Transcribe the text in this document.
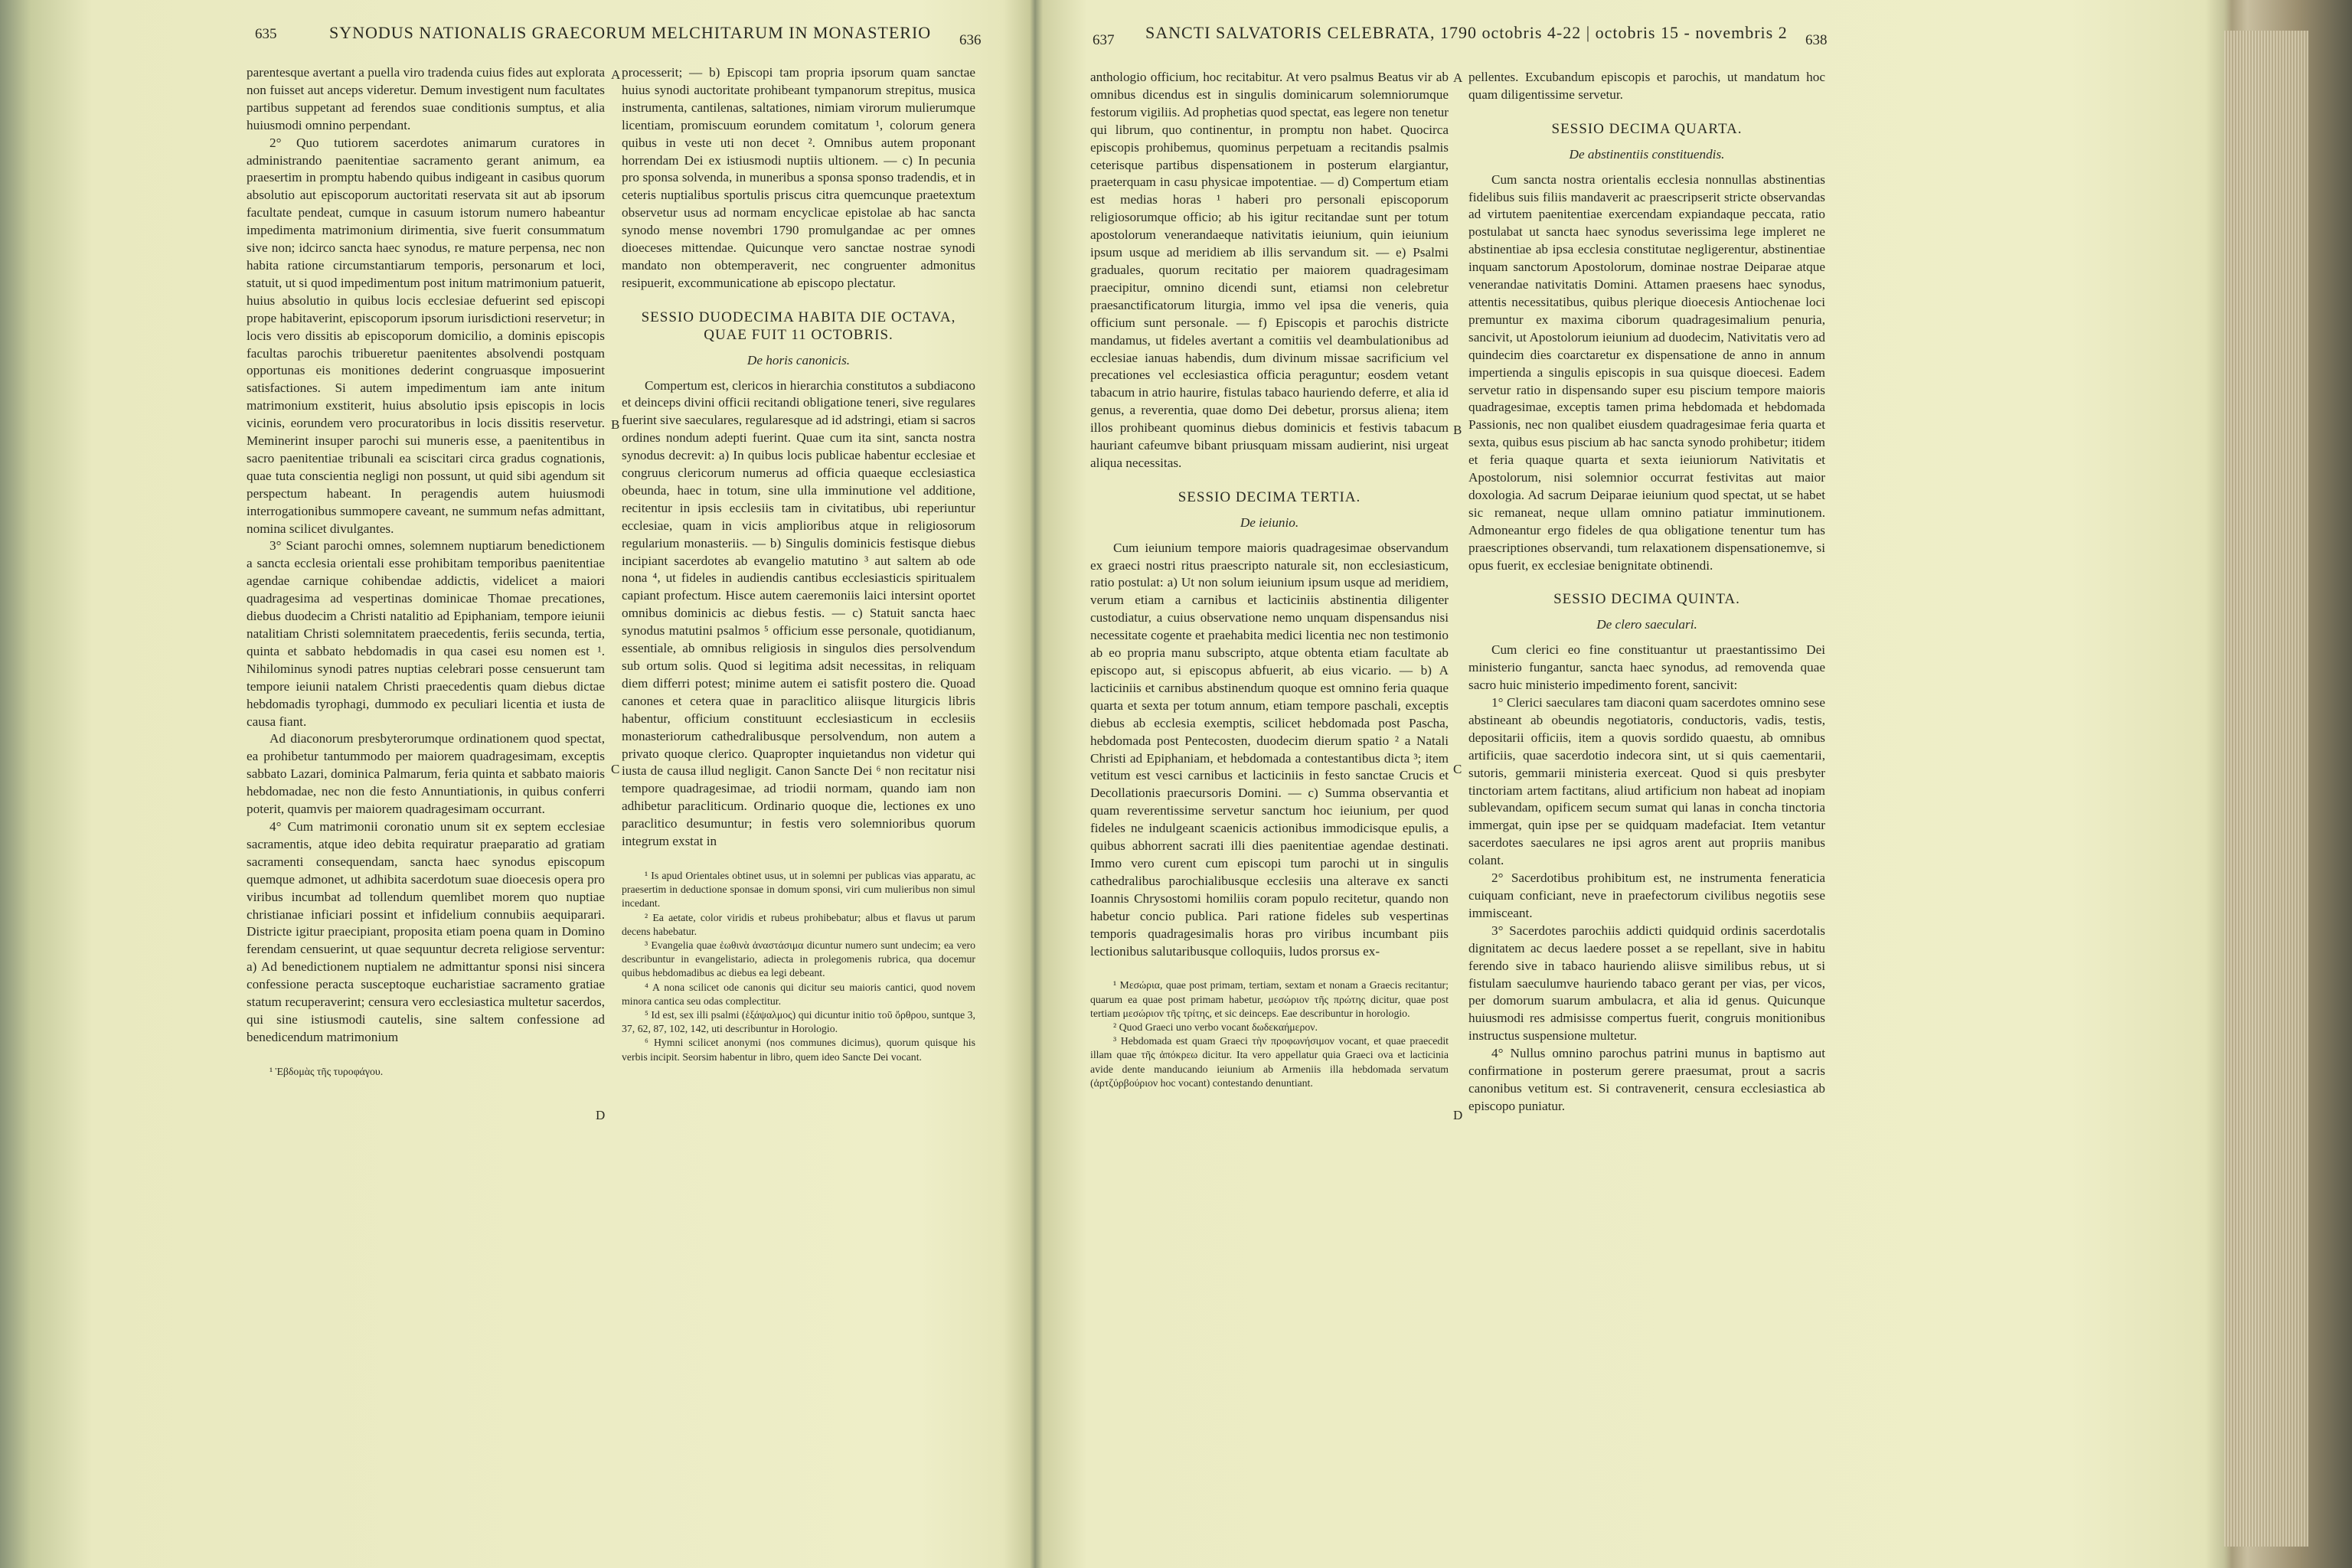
635	SYNODUS NATIONALIS GRAECORUM MELCHITARUM IN MONASTERIO 636

parentesque avertant a puella viro tradenda cuius fides aut explorata non fuisset aut anceps videretur. Demum investigent num facultates partibus suppetant ad ferendos suae conditionis sumptus, et alia huiusmodi omnino perpendant.

2° Quo tutiorem sacerdotes animarum curatores in administrando paenitentiae sacramento gerant animum, ea praesertim in promptu habendo quibus indigeant in casibus quorum absolutio aut episcoporum auctoritati reservata sit aut ab ipsorum facultate pendeat, cumque in casuum istorum numero habeantur impedimenta matrimonium dirimentia, sive fuerit consummatum sive non; idcirco sancta haec synodus, re mature perpensa, nec non habita ratione circumstantiarum temporis, personarum et loci, statuit, ut si quod impedimentum post initum matrimonium patuerit, huius absolutio in quibus locis ecclesiae defuerint sed episcopi prope habitaverint, episcoporum ipsorum iurisdictioni reservetur; in locis vero dissitis ab episcoporum domicilio, a dominis episcopis facultas parochis tribueretur paenitentes absolvendi postquam opportunas eis monitiones dederint congruasque imposuerint satisfactiones. Si autem impedimentum iam ante initum matrimonium exstiterit, huius absolutio ipsis episcopis in locis vicinis, eorundem vero procuratoribus in locis dissitis reservetur. Meminerint insuper parochi sui muneris esse, a paenitentibus in sacro paenitentiae tribunali ea sciscitari circa gradus cognationis, quae tuta conscientia negligi non possunt, ut quid sibi agendum sit perspectum habeant. In peragendis autem huiusmodi interrogationibus summopere caveant, ne summum nefas admittant, nomina scilicet divulgantes.

3° Sciant parochi omnes, solemnem nuptiarum benedictionem a sancta ecclesia orientali esse prohibitam temporibus paenitentiae agendae carnique cohibendae addictis, videlicet a maiori quadragesima ad vespertinas dominicae Thomae precationes, diebus duodecim a Christi natalitio ad Epiphaniam, tempore ieiunii natalitiam Christi solemnitatem praecedentis, feriis secunda, tertia, quinta et sabbato hebdomadis in qua casei esu nomen est ¹. Nihilominus synodi patres nuptias celebrari posse censuerunt tam tempore ieiunii natalem Christi praecedentis quam diebus dictae hebdomadis tyrophagi, dummodo ex peculiari licentia et iusta de causa fiant.

Ad diaconorum presbyterorumque ordinationem quod spectat, ea prohibetur tantummodo per maiorem quadragesimam, exceptis sabbato Lazari, dominica Palmarum, feria quinta et sabbato maioris hebdomadae, nec non die festo Annuntiationis, in quibus conferri poterit, quamvis per maiorem quadragesimam occurrant.

4° Cum matrimonii coronatio unum sit ex septem ecclesiae sacramentis, atque ideo debita requiratur praeparatio ad gratiam sacramenti consequendam, sancta haec synodus episcopum quemque admonet, ut adhibita sacerdotum suae dioecesis opera pro viribus incumbat ad tollendum quemlibet morem quo nuptiae christianae inficiari possint et infidelium connubiis aequiparari. Districte igitur praecipiant, proposita etiam poena quam in Domino ferendam censuerint, ut quae sequuntur decreta religiose serventur: a) Ad benedictionem nuptialem ne admittantur sponsi nisi sincera confessione peracta susceptoque eucharistiae sacramento gratiae statum recuperaverint; censura vero ecclesiastica multetur sacerdos, qui sine istiusmodi cautelis, sine saltem confessione ad benedicendum matrimonium

¹ Ἑβδομὰς τῆς τυροφάγου.

A
B
C
D

processerit; — b) Episcopi tam propria ipsorum quam sanctae huius synodi auctoritate prohibeant tympanorum strepitus, musica instrumenta, cantilenas, saltationes, nimiam virorum mulierumque licentiam, promiscuum eorundem comitatum ¹, colorum genera quibus in veste uti non decet ². Omnibus autem proponant horrendam Dei ex istiusmodi nuptiis ultionem. — c) In pecunia pro sponsa solvenda, in muneribus a sponsa sponso tradendis, et in ceteris nuptialibus sportulis priscus citra quemcunque praetextum observetur usus ad normam encyclicae epistolae ab hac sancta synodo mense novembri 1790 promulgandae ac per omnes dioeceses mittendae. Quicunque vero sanctae nostrae synodi mandato non obtemperaverit, nec congruenter admonitus resipuerit, excommunicatione ab episcopo plectatur.

SESSIO DUODECIMA HABITA DIE OCTAVA, QUAE FUIT 11 OCTOBRIS.
De horis canonicis.

Compertum est, clericos in hierarchia constitutos a subdiacono et deinceps divini officii recitandi obligatione teneri, sive regulares fuerint sive saeculares, regularesque ad id adstringi, etiam si sacros ordines nondum adepti fuerint. Quae cum ita sint, sancta nostra synodus decrevit: a) In quibus locis publicae habentur ecclesiae et congruus clericorum numerus ad officia quaeque ecclesiastica obeunda, haec in totum, sine ulla imminutione vel additione, recitentur in ipsis ecclesiis tam in civitatibus, ubi reperiuntur ecclesiae, quam in vicis amplioribus atque in religiosorum regularium monasteriis. — b) Singulis dominicis festisque diebus incipiant sacerdotes ab evangelio matutino ³ aut saltem ab ode nona ⁴, ut fideles in audiendis cantibus ecclesiasticis spiritualem capiant profectum. Hisce autem caeremoniis laici intersint oportet omnibus dominicis ac diebus festis. — c) Statuit sancta haec synodus matutini psalmos ⁵ officium esse personale, quotidianum, essentiale, ab omnibus religiosis in singulos dies persolvendum sub ortum solis. Quod si legitima adsit necessitas, in reliquam diem differri potest; minime autem ei satisfit postero die. Quoad canones et cetera quae in paraclitico aliisque liturgicis libris habentur, officium constituunt ecclesiasticum in ecclesiis monasteriorum cathedralibusque persolvendum, non autem a privato quoque clerico. Quapropter inquietandus non videtur qui iusta de causa illud negligit. Canon Sancte Dei ⁶ non recitatur nisi tempore quadragesimae, ad triodii normam, quando iam non adhibetur paracliticum. Ordinario quoque die, lectiones ex uno paraclitico desumuntur; in festis vero solemnioribus quorum integrum exstat in

¹ Is apud Orientales obtinet usus, ut in solemni per publicas vias apparatu, ac praesertim in deductione sponsae in domum sponsi, viri cum mulieribus non simul incedant.

² Ea aetate, color viridis et rubeus prohibebatur; albus et flavus ut parum decens habebatur.

³ Evangelia quae ἑωθινὰ ἀναστάσιμα dicuntur numero sunt undecim; ea vero describuntur in evangelistario, adiecta in prolegomenis rubrica, qua docemur quibus hebdomadibus ac diebus ea legi debeant.

⁴ A nona scilicet ode canonis qui dicitur seu maioris cantici, quod novem minora cantica seu odas complectitur.

⁵ Id est, sex illi psalmi (ἑξάψαλμος) qui dicuntur initio τοῦ ὄρθρου, suntque 3, 37, 62, 87, 102, 142, uti describuntur in Horologio.

⁶ Hymni scilicet anonymi (nos communes dicimus), quorum quisque his verbis incipit. Seorsim habentur in libro, quem ideo Sancte Dei vocant.

637 SANCTI SALVATORIS CELEBRATA, 1790 octobris 4-22 | octobris 15 - novembris 2 638

anthologio officium, hoc recitabitur. At vero psalmus Beatus vir ab omnibus dicendus est in singulis dominicarum solemniorumque festorum vigiliis. Ad prophetias quod spectat, eas legere non tenetur qui librum, quo continentur, in promptu non habet. Quocirca episcopis prohibemus, quominus perpetuam a recitandis psalmis ceterisque partibus dispensationem in posterum elargiantur, praeterquam in casu physicae impotentiae. — d) Compertum etiam est medias horas ¹ haberi pro personali episcoporum religiosorumque officio; ab his igitur recitandae sunt per totum apostolorum venerandaeque nativitatis ieiunium, quin ieiunium ipsum usque ad meridiem ab illis servandum sit. — e) Psalmi graduales, quorum recitatio per maiorem quadragesimam praecipitur, omnino dicendi sunt, etiamsi non celebretur praesanctificatorum liturgia, immo vel ipsa die veneris, quia officium sunt personale. — f) Episcopis et parochis districte mandamus, ut fideles avertant a comitiis vel deambulationibus ad ecclesiae ianuas habendis, dum divinum missae sacrificium vel precationes vel ecclesiastica officia peraguntur; eosdem vetant tabacum in atrio haurire, fistulas tabaco hauriendo deferre, et alia id genus, a reverentia, quae domo Dei debetur, prorsus aliena; item illos prohibeant quominus diebus dominicis et festivis tabacum hauriant cafeumve bibant priusquam missam audierint, nisi urgeat aliqua necessitas.

SESSIO DECIMA TERTIA.
De ieiunio.

Cum ieiunium tempore maioris quadragesimae observandum ex graeci nostri ritus praescripto naturale sit, non ecclesiasticum, ratio postulat: a) Ut non solum ieiunium ipsum usque ad meridiem, verum etiam a carnibus et lacticiniis abstinentia diligenter custodiatur, a cuius observatione nemo unquam dispensandus nisi necessitate cogente et praehabita medici licentia nec non testimonio ab eo propria manu subscripto, atque obtenta etiam facultate ab episcopo aut, si episcopus abfuerit, ab eius vicario. — b) A lacticiniis et carnibus abstinendum quoque est omnino feria quaque quarta et sexta per totum annum, etiam tempore paschali, exceptis diebus ab ecclesia exemptis, scilicet hebdomada post Pascha, hebdomada post Pentecosten, duodecim dierum spatio ² a Natali Christi ad Epiphaniam, et hebdomada a contestantibus dicta ³; item vetitum est vesci carnibus et lacticiniis in festo sanctae Crucis et Decollationis praecursoris Domini. — c) Summa observantia et quam reverentissime servetur sanctum hoc ieiunium, per quod fideles ne indulgeant scaenicis actionibus immodicisque epulis, a quibus abhorrent sacrati illi dies paenitentiae agendae destinati. Immo vero curent cum episcopi tum parochi ut in singulis cathedralibus parochialibusque ecclesiis una alterave ex sancti Ioannis Chrysostomi homiliis coram populo recitetur, quando non habetur concio publica. Pari ratione fideles sub vespertinas temporis quadragesimalis horas pro viribus incumbant piis lectionibus salutaribusque colloquiis, ludos prorsus ex-

¹ Μεσώρια, quae post primam, tertiam, sextam et nonam a Graecis recitantur; quarum ea quae post primam habetur, μεσώριον τῆς πρώτης dicitur, quae post tertiam μεσώριον τῆς τρίτης, et sic deinceps. Eae describuntur in horologio.

² Quod Graeci uno verbo vocant δωδεκαήμερον.

³ Hebdomada est quam Graeci τὴν προφωνήσιμον vocant, et quae praecedit illam quae τῆς ἀπόκρεω dicitur. Ita vero appellatur quia Graeci ova et lacticinia avide dente manducando ieiunium ab Armeniis illa hebdomada servatum (ἀρτζύρβούριον hoc vocant) contestando denuntiant.

A
B
C
D

pellentes. Excubandum episcopis et parochis, ut mandatum hoc quam diligentissime servetur.

SESSIO DECIMA QUARTA.
De abstinentiis constituendis.

Cum sancta nostra orientalis ecclesia nonnullas abstinentias fidelibus suis filiis mandaverit ac praescripserit stricte observandas ad virtutem paenitentiae exercendam expiandaque peccata, ratio postulabat ut sancta haec synodus severissima lege impleret ne abstinentiae ab ipsa ecclesia constitutae negligerentur, abstinentiae inquam sanctorum Apostolorum, dominae nostrae Deiparae atque venerandae nativitatis Domini. Attamen praesens haec synodus, attentis necessitatibus, quibus plerique dioecesis Antiochenae loci premuntur ex maxima ciborum quadragesimalium penuria, sancivit, ut Apostolorum ieiunium ad duodecim, Nativitatis vero ad quindecim dies coarctaretur ex dispensatione de anno in annum impertienda a singulis episcopis in sua quisque dioecesi. Eadem servetur ratio in dispensando super esu piscium tempore maioris quadragesimae, exceptis tamen prima hebdomada et hebdomada Passionis, nec non qualibet eiusdem quadragesimae feria quarta et sexta, quibus esus piscium ab hac sancta synodo prohibetur; itidem et feria quaque quarta et sexta ieiuniorum Nativitatis et Apostolorum, nisi solemnior occurrat festivitas aut maior doxologia. Ad sacrum Deiparae ieiunium quod spectat, ut se habet sic remaneat, neque ullam omnino patiatur imminutionem. Admoneantur ergo fideles de qua obligatione tenentur tum has praescriptiones observandi, tum relaxationem dispensationemve, si opus fuerit, ex ecclesiae benignitate obtinendi.

SESSIO DECIMA QUINTA.
De clero saeculari.

Cum clerici eo fine constituantur ut praestantissimo Dei ministerio fungantur, sancta haec synodus, ad removenda quae sacro huic ministerio impedimento forent, sancivit:

1° Clerici saeculares tam diaconi quam sacerdotes omnino sese abstineant ab obeundis negotiatoris, conductoris, vadis, testis, depositarii officiis, item a quovis sordido quaestu, ab omnibus artificiis, quae sacerdotio indecora sint, ut si quis caementarii, sutoris, gemmarii ministeria exerceat. Quod si quis presbyter tinctoriam artem factitans, aliud artificium non habeat ad inopiam sublevandam, opificem secum sumat qui lanas in concha tinctoria immergat, quin ipse per se quidquam madefaciat. Item vetantur sacerdotes saeculares ne ipsi agros arent aut propriis manibus colant.

2° Sacerdotibus prohibitum est, ne instrumenta feneraticia cuiquam conficiant, neve in praefectorum civilibus negotiis sese immisceant.

3° Sacerdotes parochiis addicti quidquid ordinis sacerdotalis dignitatem ac decus laedere posset a se repellant, sive in habitu ferendo sive in tabaco hauriendo aliisve similibus rebus, ut si fistulam saeculumve hauriendo tabaco gerant per vias, per vicos, per domorum suarum ambulacra, et alia id genus. Quicunque huiusmodi res admisisse compertus fuerit, congruis monitionibus instructus suspensione multetur.

4° Nullus omnino parochus patrini munus in baptismo aut confirmatione in posterum gerere praesumat, prout a sacris canonibus vetitum est. Si contravenerit, censura ecclesiastica ab episcopo puniatur.
